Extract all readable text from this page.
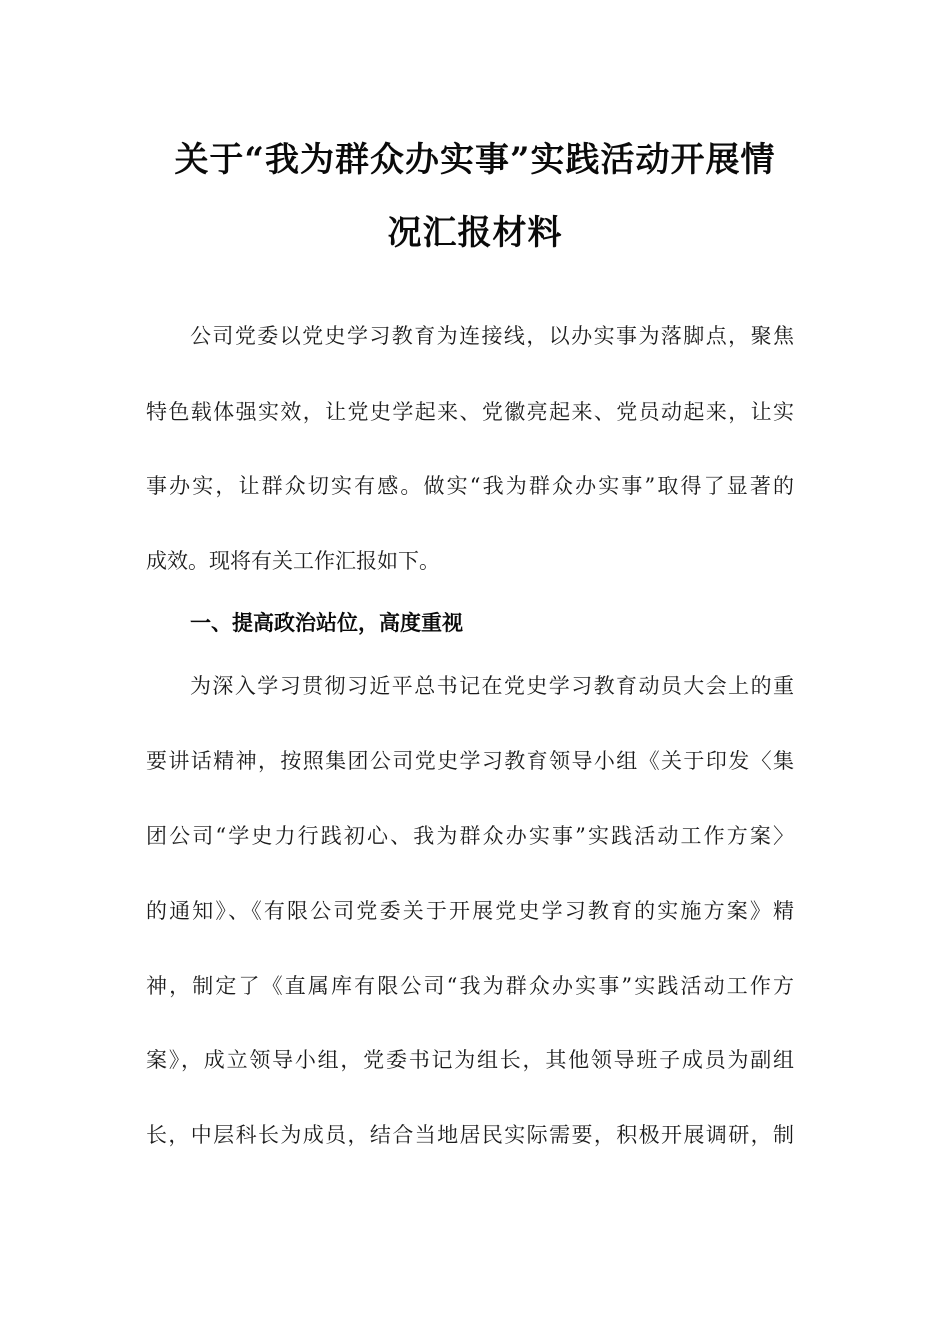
关于“我为群众办实事”实践活动开展情
况汇报材料
公司党委以党史学习教育为连接线，以办实事为落脚点，聚焦
特色载体强实效，让党史学起来、党徽亮起来、党员动起来，让实
事办实，让群众切实有感。做实“我为群众办实事”取得了显著的
成效。现将有关工作汇报如下。
一、提高政治站位，高度重视
为深入学习贯彻习近平总书记在党史学习教育动员大会上的重
要讲话精神，按照集团公司党史学习教育领导小组《关于印发〈集
团公司“学史力行践初心、我为群众办实事”实践活动工作方案〉
的通知》、《有限公司党委关于开展党史学习教育的实施方案》精
神，制定了《直属库有限公司“我为群众办实事”实践活动工作方
案》，成立领导小组，党委书记为组长，其他领导班子成员为副组
长，中层科长为成员，结合当地居民实际需要，积极开展调研，制
